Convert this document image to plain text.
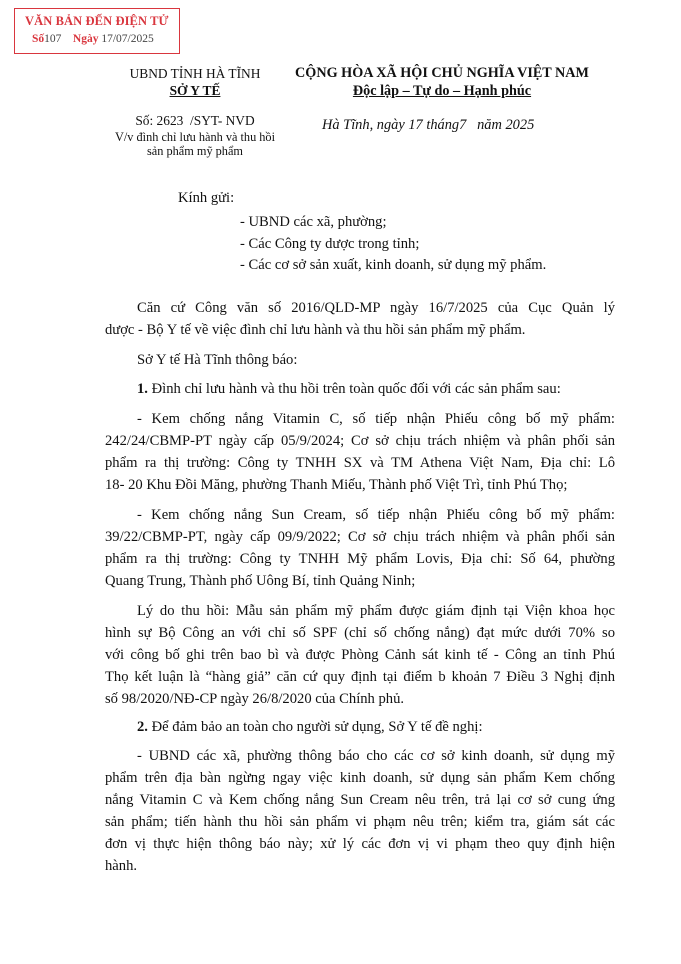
VĂN BẢN ĐẾN ĐIỆN TỬ
Số107 Ngày 17/07/2025
UBND TỈNH HÀ TĨNH
SỞ Y TẾ
CỘNG HÒA XÃ HỘI CHỦ NGHĨA VIỆT NAM
Độc lập – Tự do – Hạnh phúc
Số: 2623 /SYT- NVD
V/v đình chỉ lưu hành và thu hồi
sản phẩm mỹ phẩm
Hà Tĩnh, ngày 17 tháng7   năm 2025
Kính gửi:
- UBND các xã, phường;
- Các Công ty dược trong tỉnh;
- Các cơ sở sản xuất, kinh doanh, sử dụng mỹ phẩm.
Căn cứ Công văn số 2016/QLD-MP ngày 16/7/2025 của Cục Quản lý
dược - Bộ Y tế về việc đình chỉ lưu hành và thu hồi sản phẩm mỹ phẩm.
Sở Y tế Hà Tĩnh thông báo:
1. Đình chỉ lưu hành và thu hồi trên toàn quốc đối với các sản phẩm sau:
- Kem chống nắng Vitamin C, số tiếp nhận Phiếu công bố mỹ phẩm:
242/24/CBMP-PT ngày cấp 05/9/2024; Cơ sở chịu trách nhiệm và phân phối sản
phẩm ra thị trường: Công ty TNHH SX và TM Athena Việt Nam, Địa chỉ: Lô
18- 20 Khu Đồi Măng, phường Thanh Miếu, Thành phố Việt Trì, tỉnh Phú Thọ;
- Kem chống nắng Sun Cream, số tiếp nhận Phiếu công bố mỹ phẩm:
39/22/CBMP-PT, ngày cấp 09/9/2022; Cơ sở chịu trách nhiệm và phân phối sản
phẩm ra thị trường: Công ty TNHH Mỹ phẩm Lovis, Địa chỉ: Số 64, phường
Quang Trung, Thành phố Uông Bí, tỉnh Quảng Ninh;
Lý do thu hồi: Mẫu sản phẩm mỹ phẩm được giám định tại Viện khoa học
hình sự Bộ Công an với chỉ số SPF (chỉ số chống nắng) đạt mức dưới 70% so
với công bố ghi trên bao bì và được Phòng Cảnh sát kinh tế - Công an tỉnh Phú
Thọ kết luận là “hàng giả” căn cứ quy định tại điểm b khoản 7 Điều 3 Nghị định
số 98/2020/NĐ-CP ngày 26/8/2020 của Chính phủ.
2. Để đảm bảo an toàn cho người sử dụng, Sở Y tế đề nghị:
- UBND các xã, phường thông báo cho các cơ sở kinh doanh, sử dụng mỹ
phẩm trên địa bàn ngừng ngay việc kinh doanh, sử dụng sản phẩm Kem chống
nắng Vitamin C và Kem chống nắng Sun Cream nêu trên, trả lại cơ sở cung ứng
sản phẩm; tiến hành thu hồi sản phẩm vi phạm nêu trên; kiểm tra, giám sát các
đơn vị thực hiện thông báo này; xử lý các đơn vị vi phạm theo quy định hiện
hành.
